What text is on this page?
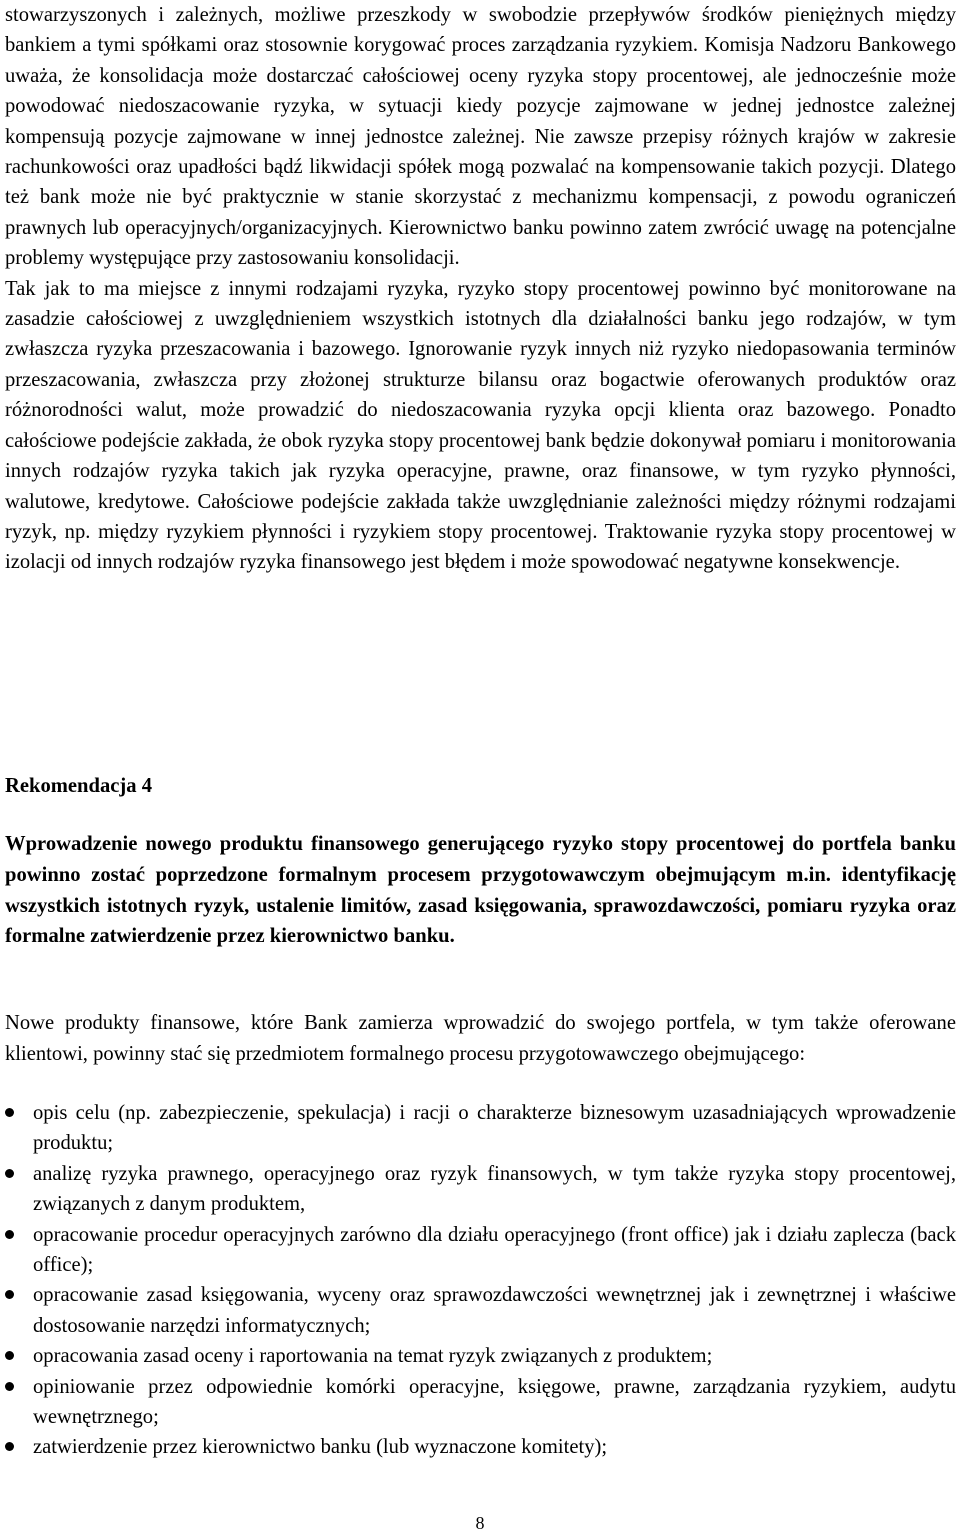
stowarzyszonych i zależnych, możliwe przeszkody w swobodzie przepływów środków pieniężnych między bankiem a tymi spółkami oraz stosownie korygować proces zarządzania ryzykiem. Komisja Nadzoru Bankowego uważa, że konsolidacja może dostarczać całościowej oceny ryzyka stopy procentowej, ale jednocześnie może powodować niedoszacowanie ryzyka, w sytuacji kiedy pozycje zajmowane w jednej jednostce zależnej kompensują pozycje zajmowane w innej jednostce zależnej. Nie zawsze przepisy różnych krajów w zakresie rachunkowości oraz upadłości bądź likwidacji spółek mogą pozwalać na kompensowanie takich pozycji. Dlatego też bank może nie być praktycznie w stanie skorzystać z mechanizmu kompensacji, z powodu ograniczeń prawnych lub operacyjnych/organizacyjnych. Kierownictwo banku powinno zatem zwrócić uwagę na potencjalne problemy występujące przy zastosowaniu konsolidacji.

Tak jak to ma miejsce z innymi rodzajami ryzyka, ryzyko stopy procentowej powinno być monitorowane na zasadzie całościowej z uwzględnieniem wszystkich istotnych dla działalności banku jego rodzajów, w tym zwłaszcza ryzyka przeszacowania i bazowego. Ignorowanie ryzyk innych niż ryzyko niedopasowania terminów przeszacowania, zwłaszcza przy złożonej strukturze bilansu oraz bogactwie oferowanych produktów oraz różnorodności walut, może prowadzić do niedoszacowania ryzyka opcji klienta oraz bazowego. Ponadto całościowe podejście zakłada, że obok ryzyka stopy procentowej bank będzie dokonywał pomiaru i monitorowania innych rodzajów ryzyka takich jak ryzyka operacyjne, prawne, oraz finansowe, w tym ryzyko płynności, walutowe, kredytowe. Całościowe podejście zakłada także uwzględnianie zależności między różnymi rodzajami ryzyk, np. między ryzykiem płynności i ryzykiem stopy procentowej. Traktowanie ryzyka stopy procentowej w izolacji od innych rodzajów ryzyka finansowego jest błędem i może spowodować negatywne konsekwencje.

Rekomendacja 4

Wprowadzenie nowego produktu finansowego generującego ryzyko stopy procentowej do portfela banku powinno zostać poprzedzone formalnym procesem przygotowawczym obejmującym m.in. identyfikację wszystkich istotnych ryzyk, ustalenie limitów, zasad księgowania, sprawozdawczości, pomiaru ryzyka oraz formalne zatwierdzenie przez kierownictwo banku.

Nowe produkty finansowe, które Bank zamierza wprowadzić do swojego portfela, w tym także oferowane klientowi, powinny stać się przedmiotem formalnego procesu przygotowawczego obejmującego:

opis celu (np. zabezpieczenie, spekulacja) i racji o charakterze biznesowym uzasadniających wprowadzenie produktu;
analizę ryzyka prawnego, operacyjnego oraz ryzyk finansowych, w tym także ryzyka stopy procentowej, związanych z danym produktem,
opracowanie procedur operacyjnych zarówno dla działu operacyjnego (front office) jak i działu zaplecza (back office);
opracowanie zasad księgowania, wyceny oraz sprawozdawczości wewnętrznej jak i zewnętrznej i właściwe dostosowanie narzędzi informatycznych;
opracowania zasad oceny i raportowania na temat ryzyk związanych z produktem;
opiniowanie przez odpowiednie komórki operacyjne, księgowe, prawne, zarządzania ryzykiem, audytu wewnętrznego;
zatwierdzenie przez kierownictwo banku (lub wyznaczone komitety);
8
